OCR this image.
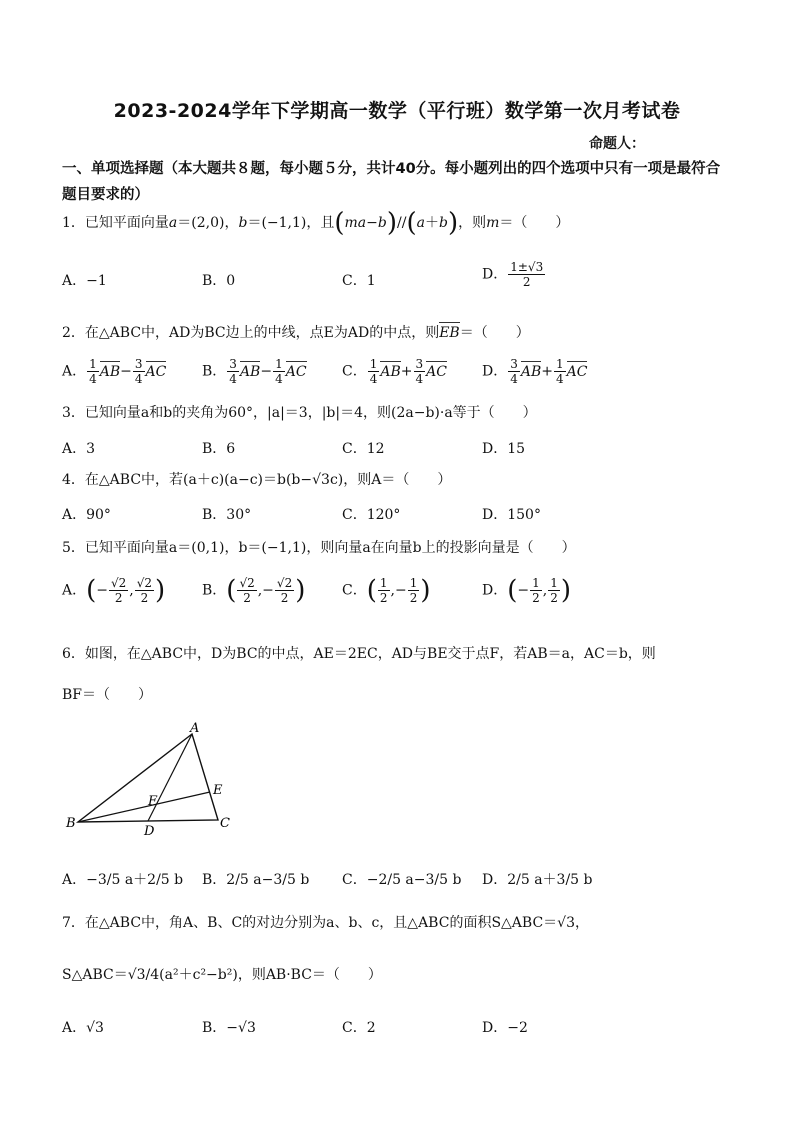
2023-2024学年下学期高一数学（平行班）数学第一次月考试卷
命题人：
一、单项选择题（本大题共８题，每小题５分，共计40分。每小题列出的四个选项中只有一项是最符合题目要求的）
1．已知平面向量a＝(2,0)，b＝(−1,1)，且(ma−b)//(a＋b)，则m＝（　　）
A．−1	B．0	C．1	D． $\frac{1\pm√3}{2}$
2．在△ABC中，AD为BC边上的中线，点E为AD的中点，则EB＝（　　）
A． $\frac{1}{4} AB- \frac{3}{4}$ AC	B． $\frac{3}{4} AB- \frac{1}{4}$ AC	C． $\frac{1}{4} AB+ \frac{3}{4}$ AC	D． $\frac{3}{4} AB+ \frac{1}{4}$ AC
3．已知向量a和b的夹角为60°，|a|＝3，|b|＝4，则(2a−b)·a等于（　　）
A．3	B．6	C．12	D．15
4．在△ABC中，若(a＋c)(a−c)＝b(b−√3c)，则A＝（　　）
A．90°	B．30°	C．120°	D．150°
5．已知平面向量a＝(0,1)，b＝(−1,1)，则向量a在向量b上的投影向量是（　　）
A．(− $\frac{√2}{2}$ , $\frac{√2}{2}$ )	B．( $\frac{√2}{2}$ ,− $\frac{√2}{2}$ )	C．( $\frac{1}{2}$ ,− $\frac{1}{2}$ )	D．(− $\frac{1}{2}$ , $\frac{1}{2}$ )
6．如图，在△ABC中，D为BC的中点，AE＝2EC，AD与BE交于点F，若AB＝a，AC＝b，则
BF＝（　　）
A
B	C
D
E
F
A．−3/5 a＋2/5 b B．2/5 a−3/5 b C．−2/5 a−3/5 b D．2/5 a＋3/5 b
7．在△ABC中，角A、B、C的对边分别为a、b、c，且△ABC的面积S△ABC＝√3，
S△ABC＝√3/4(a²＋c²−b²)，则AB·BC＝（　　）
A．√3	B．−√3	C．2	D．−2
